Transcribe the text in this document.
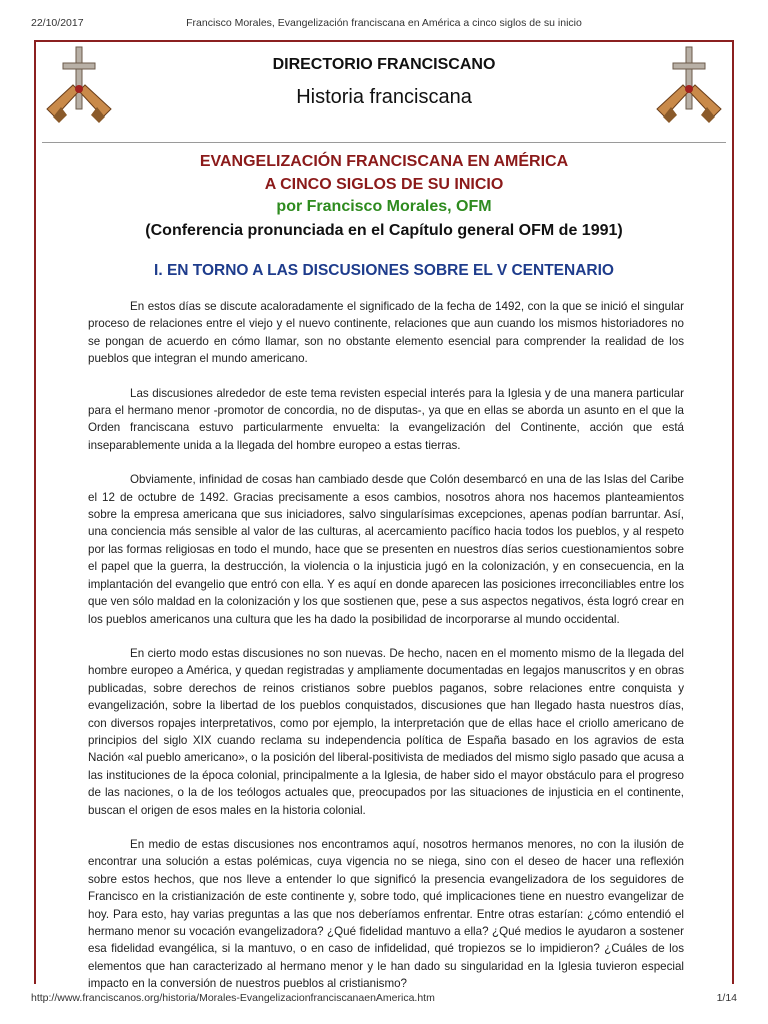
22/10/2017	Francisco Morales, Evangelización franciscana en América a cinco siglos de su inicio
DIRECTORIO FRANCISCANO
Historia franciscana
EVANGELIZACIÓN FRANCISCANA EN AMÉRICA
A CINCO SIGLOS DE SU INICIO
por Francisco Morales, OFM
(Conferencia pronunciada en el Capítulo general OFM de 1991)
I. EN TORNO A LAS DISCUSIONES SOBRE EL V CENTENARIO

En estos días se discute acaloradamente el significado de la fecha de 1492, con la que se inició el singular proceso de relaciones entre el viejo y el nuevo continente, relaciones que aun cuando los mismos historiadores no se pongan de acuerdo en cómo llamar, son no obstante elemento esencial para comprender la realidad de los pueblos que integran el mundo americano.

Las discusiones alrededor de este tema revisten especial interés para la Iglesia y de una manera particular para el hermano menor -promotor de concordia, no de disputas-, ya que en ellas se aborda un asunto en el que la Orden franciscana estuvo particularmente envuelta: la evangelización del Continente, acción que está inseparablemente unida a la llegada del hombre europeo a estas tierras.

Obviamente, infinidad de cosas han cambiado desde que Colón desembarcó en una de las Islas del Caribe el 12 de octubre de 1492. Gracias precisamente a esos cambios, nosotros ahora nos hacemos planteamientos sobre la empresa americana que sus iniciadores, salvo singularísimas excepciones, apenas podían barruntar. Así, una conciencia más sensible al valor de las culturas, al acercamiento pacífico hacia todos los pueblos, y al respeto por las formas religiosas en todo el mundo, hace que se presenten en nuestros días serios cuestionamientos sobre el papel que la guerra, la destrucción, la violencia o la injusticia jugó en la colonización, y en consecuencia, en la implantación del evangelio que entró con ella. Y es aquí en donde aparecen las posiciones irreconciliables entre los que ven sólo maldad en la colonización y los que sostienen que, pese a sus aspectos negativos, ésta logró crear en los pueblos americanos una cultura que les ha dado la posibilidad de incorporarse al mundo occidental.

En cierto modo estas discusiones no son nuevas. De hecho, nacen en el momento mismo de la llegada del hombre europeo a América, y quedan registradas y ampliamente documentadas en legajos manuscritos y en obras publicadas, sobre derechos de reinos cristianos sobre pueblos paganos, sobre relaciones entre conquista y evangelización, sobre la libertad de los pueblos conquistados, discusiones que han llegado hasta nuestros días, con diversos ropajes interpretativos, como por ejemplo, la interpretación que de ellas hace el criollo americano de principios del siglo XIX cuando reclama su independencia política de España basado en los agravios de esta Nación «al pueblo americano», o la posición del liberal-positivista de mediados del mismo siglo pasado que acusa a las instituciones de la época colonial, principalmente a la Iglesia, de haber sido el mayor obstáculo para el progreso de las naciones, o la de los teólogos actuales que, preocupados por las situaciones de injusticia en el continente, buscan el origen de esos males en la historia colonial.

En medio de estas discusiones nos encontramos aquí, nosotros hermanos menores, no con la ilusión de encontrar una solución a estas polémicas, cuya vigencia no se niega, sino con el deseo de hacer una reflexión sobre estos hechos, que nos lleve a entender lo que significó la presencia evangelizadora de los seguidores de Francisco en la cristianización de este continente y, sobre todo, qué implicaciones tiene en nuestro evangelizar de hoy. Para esto, hay varias preguntas a las que nos deberíamos enfrentar. Entre otras estarían: ¿cómo entendió el hermano menor su vocación evangelizadora? ¿Qué fidelidad mantuvo a ella? ¿Qué medios le ayudaron a sostener esa fidelidad evangélica, si la mantuvo, o en caso de infidelidad, qué tropiezos se lo impidieron? ¿Cuáles de los elementos que han caracterizado al hermano menor y le han dado su singularidad en la Iglesia tuvieron especial impacto en la conversión de nuestros pueblos al cristianismo?

http://www.franciscanos.org/historia/Morales-EvangelizacionfranciscanaenAmerica.htm	1/14
